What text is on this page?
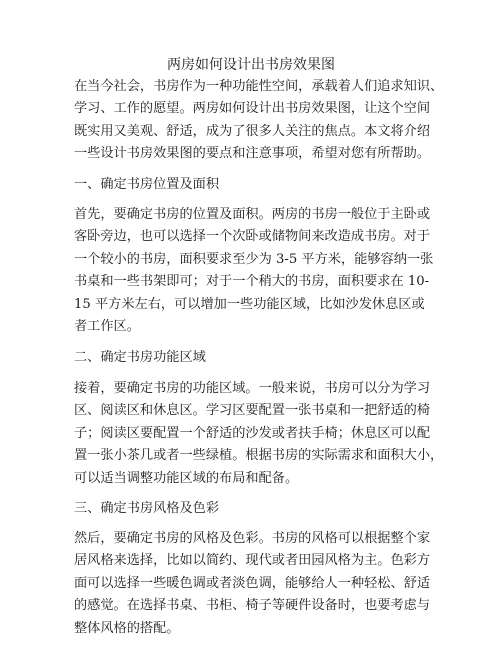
两房如何设计出书房效果图
在当今社会，书房作为一种功能性空间，承载着人们追求知识、
学习、工作的愿望。两房如何设计出书房效果图，让这个空间
既实用又美观、舒适，成为了很多人关注的焦点。本文将介绍
一些设计书房效果图的要点和注意事项，希望对您有所帮助。
一、确定书房位置及面积
首先，要确定书房的位置及面积。两房的书房一般位于主卧或
客卧旁边，也可以选择一个次卧或储物间来改造成书房。对于
一个较小的书房，面积要求至少为 3-5 平方米，能够容纳一张
书桌和一些书架即可；对于一个稍大的书房，面积要求在 10-
15 平方米左右，可以增加一些功能区域，比如沙发休息区或
者工作区。
二、确定书房功能区域
接着，要确定书房的功能区域。一般来说，书房可以分为学习
区、阅读区和休息区。学习区要配置一张书桌和一把舒适的椅
子；阅读区要配置一个舒适的沙发或者扶手椅；休息区可以配
置一张小茶几或者一些绿植。根据书房的实际需求和面积大小，
可以适当调整功能区域的布局和配备。
三、确定书房风格及色彩
然后，要确定书房的风格及色彩。书房的风格可以根据整个家
居风格来选择，比如以简约、现代或者田园风格为主。色彩方
面可以选择一些暖色调或者淡色调，能够给人一种轻松、舒适
的感觉。在选择书桌、书柜、椅子等硬件设备时，也要考虑与
整体风格的搭配。
